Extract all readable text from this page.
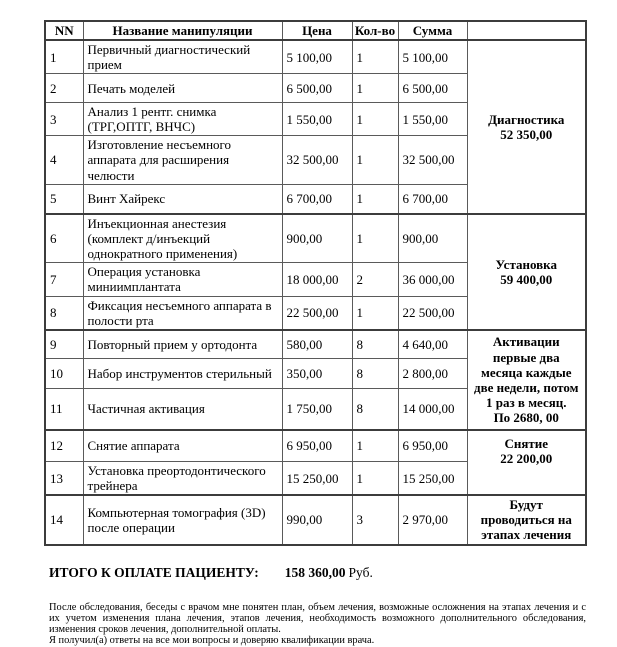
NN	Название манипуляции	Цена	Кол-во	Сумма	
1	Первичный диагностический прием	5 100,00	1	5 100,00	Диагностика
52 350,00

2	Печать моделей	6 500,00	1	6 500,00	
3	Анализ 1 рентг. снимка (ТРГ,ОПТГ, ВНЧС)	1 550,00	1	1 550,00	
4	Изготовление несъемного аппарата для расширения челюсти	32 500,00	1	32 500,00	
5	Винт Хайрекс	6 700,00	1	6 700,00	
6	Инъекционная анестезия (комплект д/инъекций однократного применения)	900,00	1	900,00	Установка
59 400,00

7	Операция установка миниимплантата	18 000,00	2	36 000,00	
8	Фиксация несъемного аппарата в полости рта	22 500,00	1	22 500,00	
9	Повторный прием у ортодонта	580,00	8	4 640,00	Активации первые два месяца каждые две недели, потом 1 раз в месяц.
По 2680, 00

10	Набор инструментов стерильный	350,00	8	2 800,00	
11	Частичная активация	1 750,00	8	14 000,00	
12	Снятие аппарата	6 950,00	1	6 950,00	Снятие
22 200,00

13	Установка преортодонтического трейнера	15 250,00	1	15 250,00	
14	Компьютерная томография (3D) после операции	990,00	3	2 970,00	Будут проводиться на этапах лечения
ИТОГО К ОПЛАТЕ ПАЦИЕНТУ: 158 360,00 Руб.
После обследования, беседы с врачом мне понятен план, объем лечения, возможные осложнения на этапах лечения и с их учетом изменения плана лечения, этапов лечения, необходимость возможного дополнительного обследования, изменения сроков лечения, дополнительной оплаты.
Я получил(а) ответы на все мои вопросы и доверяю квалификации врача.
